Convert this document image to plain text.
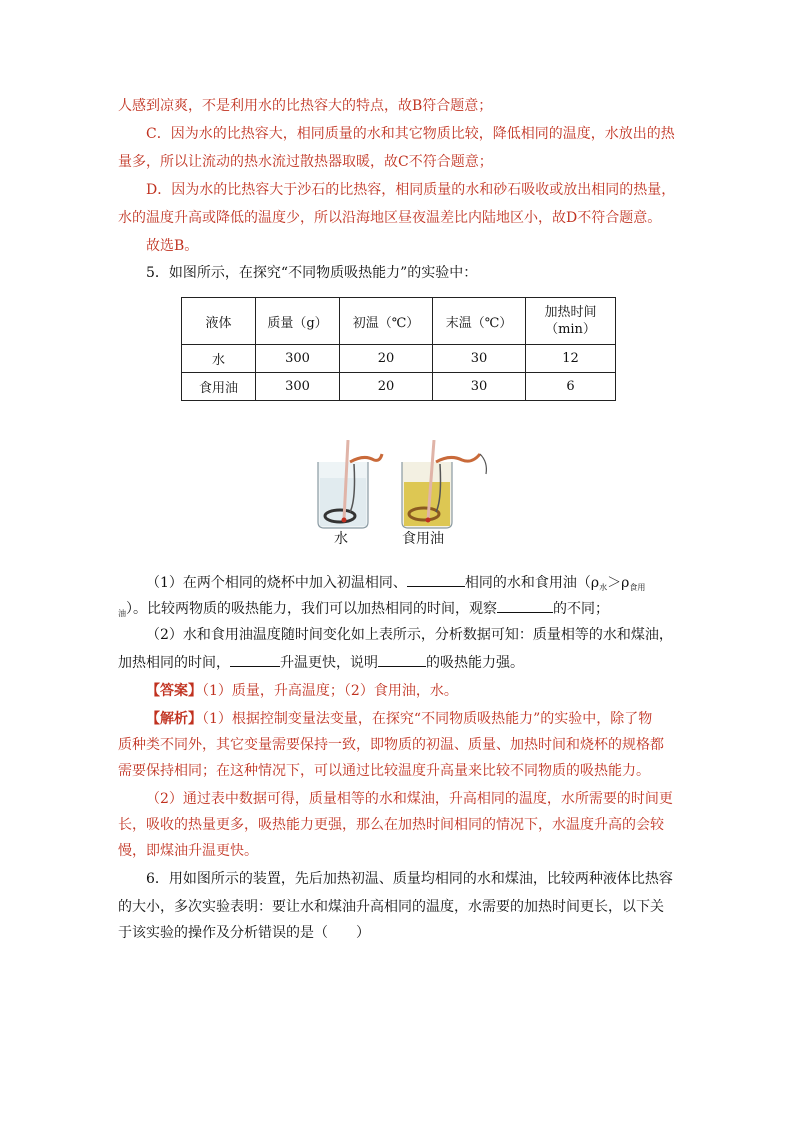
人感到凉爽，不是利用水的比热容大的特点，故B符合题意；
C．因为水的比热容大，相同质量的水和其它物质比较，降低相同的温度，水放出的热
量多，所以让流动的热水流过散热器取暖，故C不符合题意；
D．因为水的比热容大于沙石的比热容，相同质量的水和砂石吸收或放出相同的热量，
水的温度升高或降低的温度少，所以沿海地区昼夜温差比内陆地区小，故D不符合题意。
故选B。
5．如图所示，在探究“不同物质吸热能力”的实验中：
液体	质量（g）	初温（℃）	末温（℃）	加热时间
（min）

水	300	20	30	12
食用油	300	20	30	6
水	食用油
（1）在两个相同的烧杯中加入初温相同、	相同的水和食用油（$\rho_水>\rho_{食用}$
$_油$）。比较两物质的吸热能力，我们可以加热相同的时间，观察	的不同；
（2）水和食用油温度随时间变化如上表所示，分析数据可知：质量相等的水和煤油，
加热相同的时间，	升温更快，说明	的吸热能力强。
【答案】（1）质量，升高温度；（2）食用油，水。
【解析】（1）根据控制变量法变量，在探究“不同物质吸热能力”的实验中，除了物
质种类不同外，其它变量需要保持一致，即物质的初温、质量、加热时间和烧杯的规格都
需要保持相同；在这种情况下，可以通过比较温度升高量来比较不同物质的吸热能力。
（2）通过表中数据可得，质量相等的水和煤油，升高相同的温度，水所需要的时间更
长，吸收的热量更多，吸热能力更强，那么在加热时间相同的情况下，水温度升高的会较
慢，即煤油升温更快。
6．用如图所示的装置，先后加热初温、质量均相同的水和煤油，比较两种液体比热容
的大小，多次实验表明：要让水和煤油升高相同的温度，水需要的加热时间更长，以下关
于该实验的操作及分析错误的是（　　）
